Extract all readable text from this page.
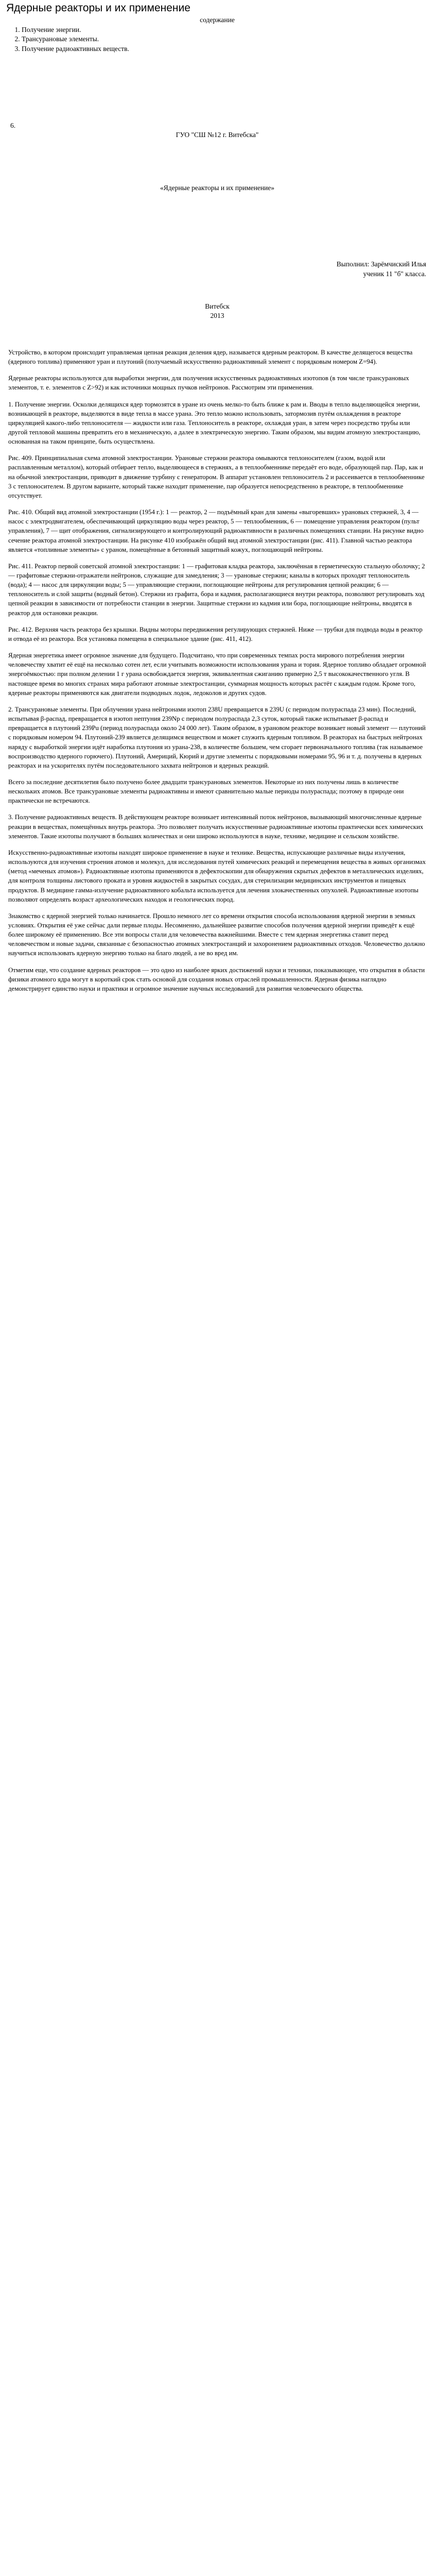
Ядерные реакторы и их применение

содержание

1. Получение энергии.
2. Трансурановые элементы.
3. Получение радиоактивных веществ.

6.

ГУО "СШ №12 г. Витебска"

«Ядерные реакторы и их применение»

Выполнил: Зарёмчиский Илья

ученик 11 "б" класса.

Витебск

2013

Устройство, в котором происходит управляемая цепная реакция деления ядер, называется ядерным реактором. В качестве делящегося вещества (ядерного топлива) применяют уран и плутоний (получаемый искусственно радиоактивный элемент с порядковым номером Z=94).

Ядерные реакторы используются для выработки энергии, для получения искусственных радиоактивных изотопов (в том числе трансурановых элементов, т. е. элементов с Z>92) и как источники мощных пучков нейтронов. Рассмотрим эти применения.

1. Получение энергии. Осколки делящихся ядер тормозятся в уране из очень мелко-то быть ближе к рам и. Вводы в тепло выделяющейся энергии, возникающей в реакторе, выделяются в виде тепла в массе урана. Это тепло можно использовать, затормозив путём охлаждения в реакторе циркуляцией какого-либо теплоносителя — жидкости или газа. Теплоноситель в реакторе, охлаждая уран, в затем через посредство трубы или другой тепловой машины превратить его в механическую, а далее в электрическую энергию. Таким образом, мы видим атомную электростанцию, основанная на таком принципе, быть осуществлена.

Рис. 409. Принципиальная схема атомной электростанции. Урановые стержни реактора омываются теплоносителем (газом, водой или расплавленным металлом), который отбирает тепло, выделяющееся в стержнях, а в теплообменнике передаёт его воде, образующей пар. Пар, как и на обычной электростанции, приводит в движение турбину с генератором. В аппарат установлен теплоноситель 2 и рассеивается в теплообменнике 3 с теплоносителем. В другом варианте, который также находит применение, пар образуется непосредственно в реакторе, в теплообменнике отсутствует.

Рис. 410. Общий вид атомной электростанции (1954 г.): 1 — реактор, 2 — подъёмный кран для замены «выгоревших» урановых стержней, 3, 4 — насос с электродвигателем, обеспечивающий циркуляцию воды через реактор, 5 — теплообменник, 6 — помещение управления реактором (пульт управления), 7 — щит отображения, сигнализирующего и контролирующий радиоактивности в различных помещениях станции. На рисунке видно сечение реактора атомной электростанции. На рисунке 410 изображён общий вид атомной электростанции (рис. 411). Главной частью реактора является «топливные элементы» с ураном, помещённые в бетонный защитный кожух, поглощающий нейтроны.

Рис. 411. Реактор первой советской атомной электростанции: 1 — графитовая кладка реактора, заключённая в герметическую стальную оболочку; 2 — графитовые стержни-отражатели нейтронов, служащие для замедления; 3 — урановые стержни; каналы в которых проходят теплоноситель (вода); 4 — насос для циркуляции воды; 5 — управляющие стержни, поглощающие нейтроны для регулирования цепной реакции; 6 — теплоноситель и слой защиты (водный бетон). Стержни из графита, бора и кадмия, располагающиеся внутри реактора, позволяют регулировать ход цепной реакции в зависимости от потребности станции в энергии. Защитные стержни из кадмия или бора, поглощающие нейтроны, вводятся в реактор для остановки реакции.

Рис. 412. Верхняя часть реактора без крышки. Видны моторы передвижения регулирующих стержней. Ниже — трубки для подвода воды в реактор и отвода её из реактора. Вся установка помещена в специальное здание (рис. 411, 412).

Ядерная энергетика имеет огромное значение для будущего. Подсчитано, что при современных темпах роста мирового потребления энергии человечеству хватит её ещё на несколько сотен лет, если учитывать возможности использования урана и тория. Ядерное топливо обладает огромной энергоёмкостью: при полном делении 1 г урана освобождается энергия, эквивалентная сжиганию примерно 2,5 т высококачественного угля. В настоящее время во многих странах мира работают атомные электростанции, суммарная мощность которых растёт с каждым годом. Кроме того, ядерные реакторы применяются как двигатели подводных лодок, ледоколов и других судов.

2. Трансурановые элементы. При облучении урана нейтронами изотоп 238U превращается в 239U (с периодом полураспада 23 мин). Последний, испытывая β-распад, превращается в изотоп нептуния 239Np с периодом полураспада 2,3 суток, который также испытывает β-распад и превращается в плутоний 239Pu (период полураспада около 24 000 лет). Таким образом, в урановом реакторе возникает новый элемент — плутоний с порядковым номером 94. Плутоний-239 является делящимся веществом и может служить ядерным топливом. В реакторах на быстрых нейтронах наряду с выработкой энергии идёт наработка плутония из урана-238, в количестве большем, чем сгорает первоначального топлива (так называемое воспроизводство ядерного горючего). Плутоний, Америций, Кюрий и другие элементы с порядковыми номерами 95, 96 и т. д. получены в ядерных реакторах и на ускорителях путём последовательного захвата нейтронов и ядерных реакций.

Всего за последние десятилетия было получено более двадцати трансурановых элементов. Некоторые из них получены лишь в количестве нескольких атомов. Все трансурановые элементы радиоактивны и имеют сравнительно малые периоды полураспада; поэтому в природе они практически не встречаются.

3. Получение радиоактивных веществ. В действующем реакторе возникает интенсивный поток нейтронов, вызывающий многочисленные ядерные реакции в веществах, помещённых внутрь реактора. Это позволяет получать искусственные радиоактивные изотопы практически всех химических элементов. Такие изотопы получают в больших количествах и они широко используются в науке, технике, медицине и сельском хозяйстве.

Искусственно-радиоактивные изотопы находят широкое применение в науке и технике. Вещества, испускающие различные виды излучения, используются для изучения строения атомов и молекул, для исследования путей химических реакций и перемещения вещества в живых организмах (метод «меченых атомов»). Радиоактивные изотопы применяются в дефектоскопии для обнаружения скрытых дефектов в металлических изделиях, для контроля толщины листового проката и уровня жидкостей в закрытых сосудах, для стерилизации медицинских инструментов и пищевых продуктов. В медицине гамма-излучение радиоактивного кобальта используется для лечения злокачественных опухолей. Радиоактивные изотопы позволяют определять возраст археологических находок и геологических пород.

Знакомство с ядерной энергией только начинается. Прошло немного лет со времени открытия способа использования ядерной энергии в земных условиях. Открытия её уже сейчас дали первые плоды. Несомненно, дальнейшее развитие способов получения ядерной энергии приведёт к ещё более широкому её применению. Все эти вопросы стали для человечества важнейшими. Вместе с тем ядерная энергетика ставит перед человечеством и новые задачи, связанные с безопасностью атомных электростанций и захоронением радиоактивных отходов. Человечество должно научиться использовать ядерную энергию только на благо людей, а не во вред им.

Отметим еще, что создание ядерных реакторов — это одно из наиболее ярких достижений науки и техники, показывающее, что открытия в области физики атомного ядра могут в короткий срок стать основой для создания новых отраслей промышленности. Ядерная физика наглядно демонстрирует единство науки и практики и огромное значение научных исследований для развития человеческого общества.
